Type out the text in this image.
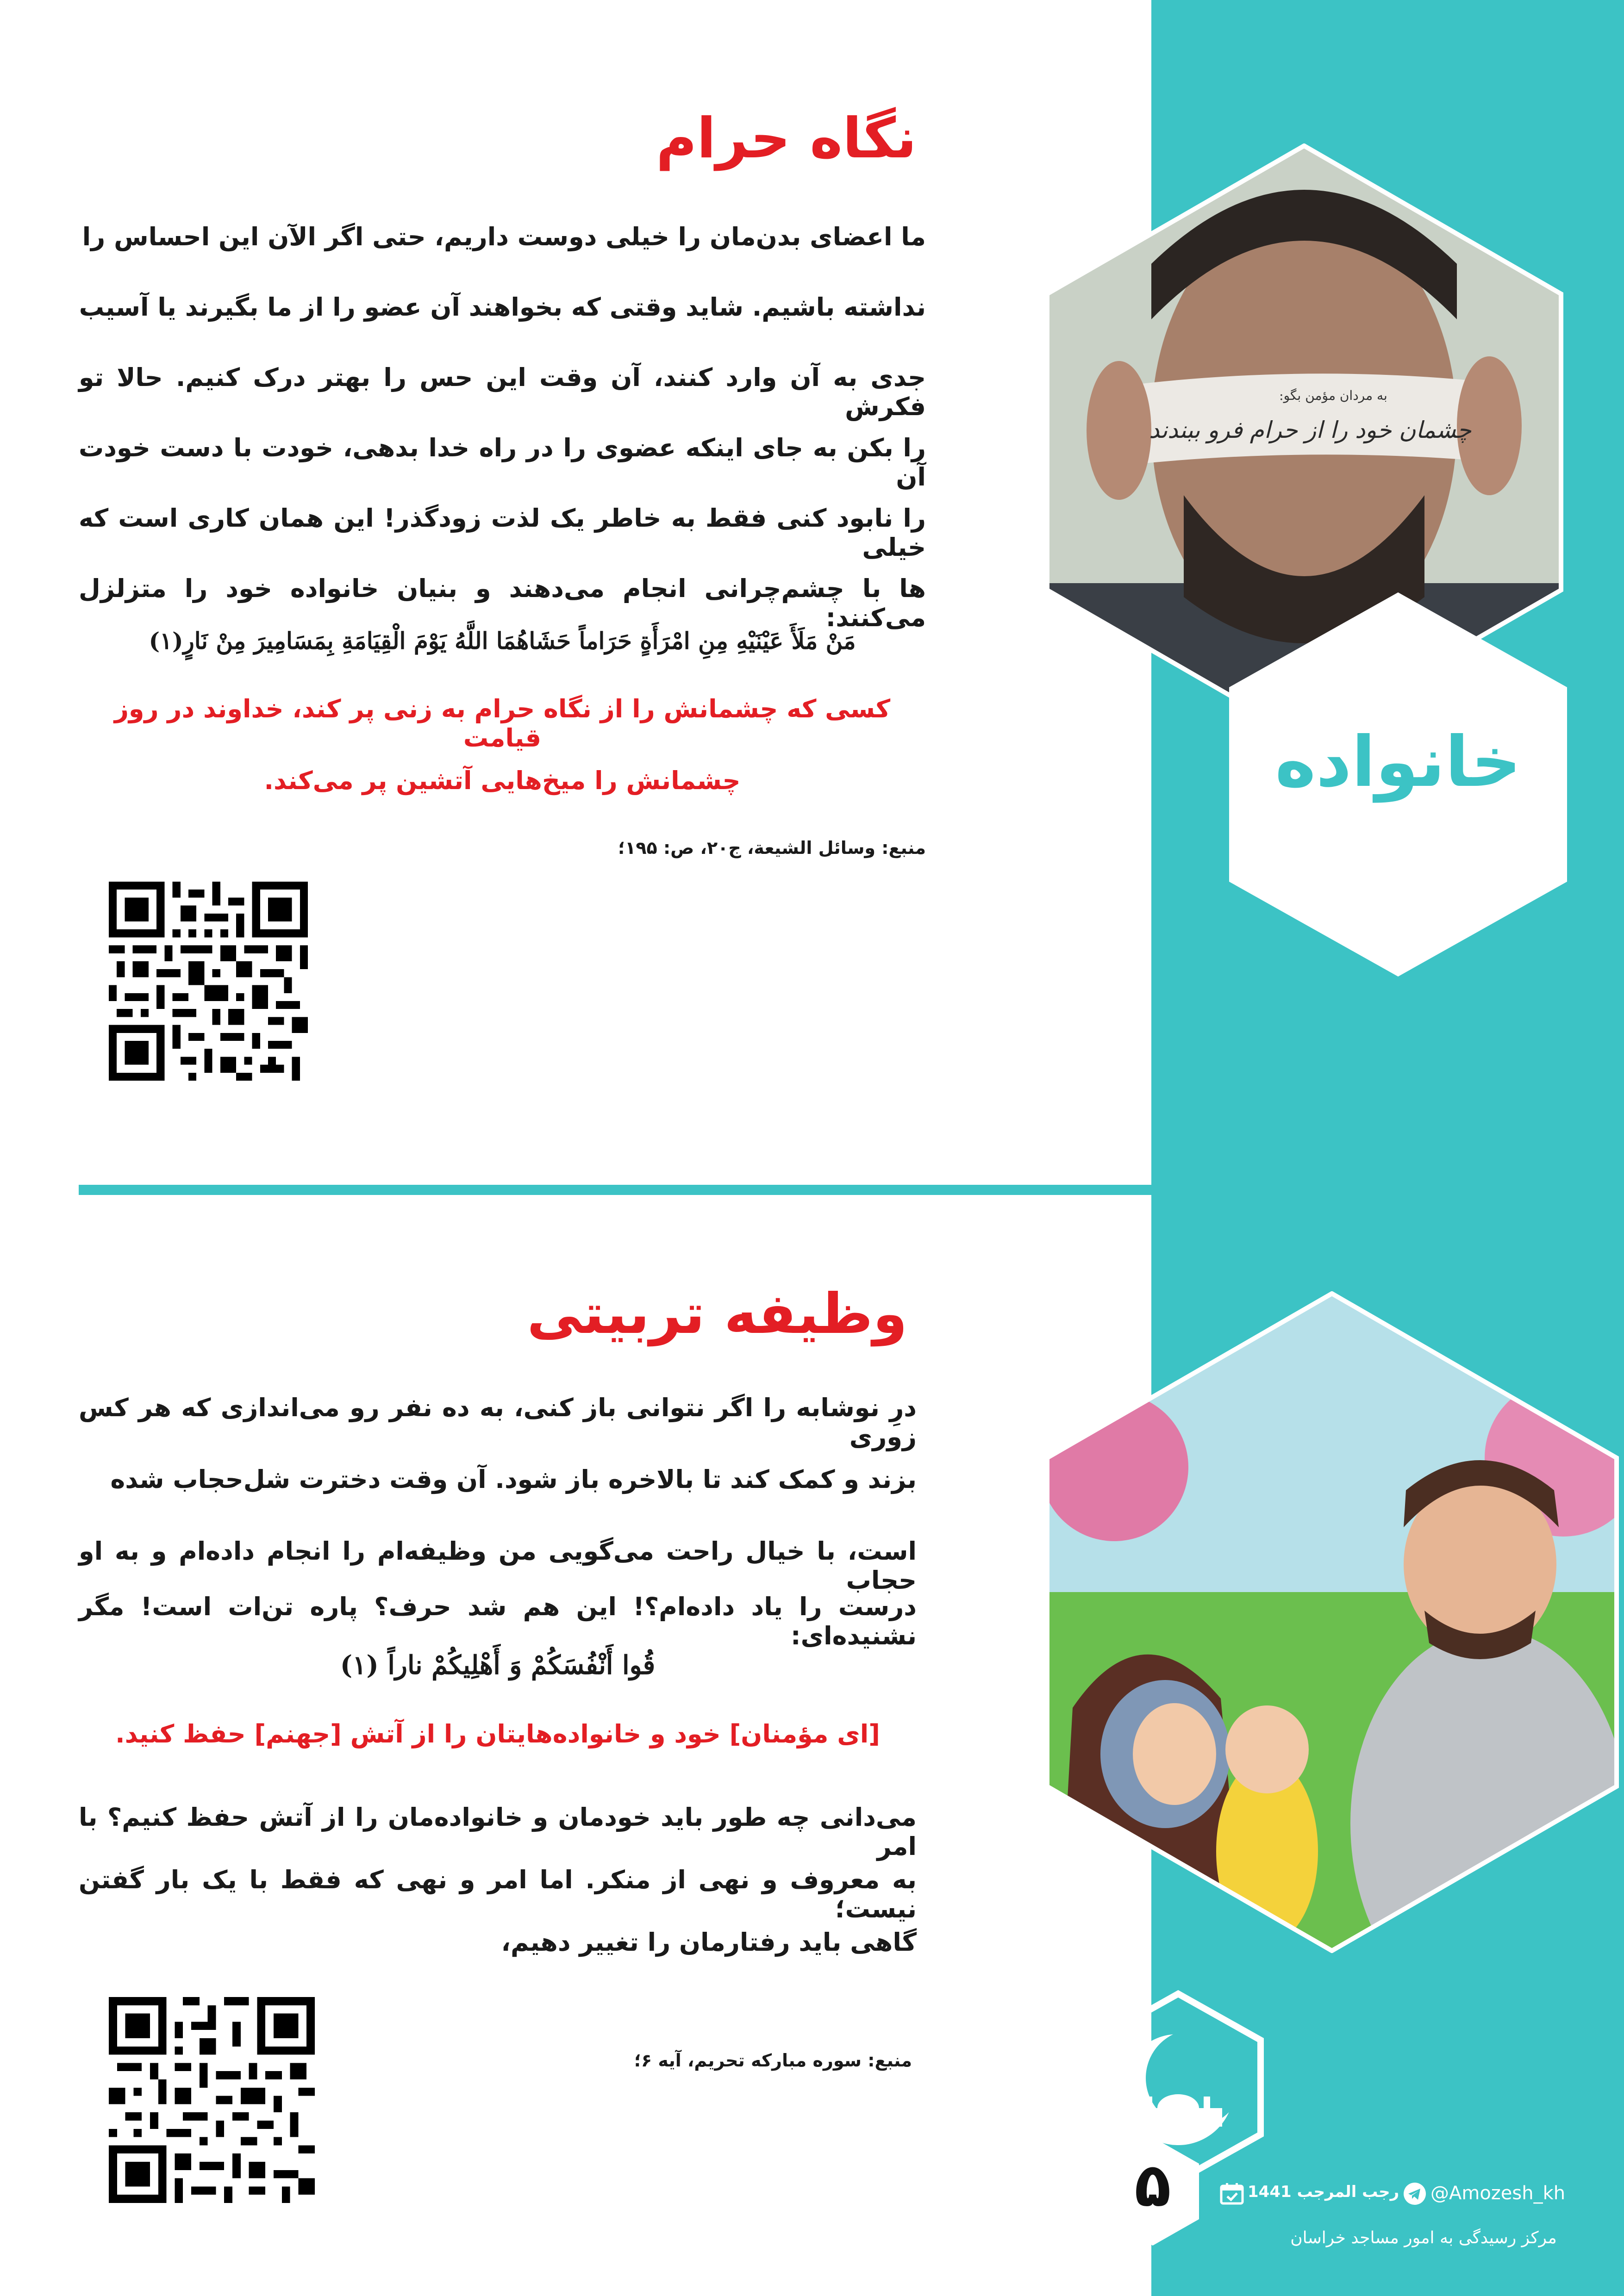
به مردان مؤمن بگو:
چشمان خود را از حرام فرو ببندند
خانواده
نگاه حرام
ما اعضای بدن‌مان را خیلی دوست داریم، حتی اگر الآن این احساس را
نداشته باشیم. شاید وقتی که بخواهند آن عضو را از ما بگیرند یا آسیب
جدی به آن وارد کنند، آن وقت این حس را بهتر درک کنیم. حالا تو فکرش
را بکن به جای اینکه عضوی را در راه خدا بدهی، خودت با دست خودت آن
را نابود کنی فقط به خاطر یک لذت زودگذر! این همان کاری است که خیلی
ها با چشم‌چرانی انجام می‌دهند و بنیان خانواده خود را متزلزل می‌کنند:
مَنْ مَلَأَ عَیْنَیْهِ مِنِ امْرَأَةٍ حَرَاماً حَشَاهُمَا اللَّهُ یَوْمَ الْقِیَامَةِ بِمَسَامِیرَ مِنْ نَارٍ(۱)
کسی که چشمانش را از نگاه حرام به زنی پر کند، خداوند در روز قیامت
چشمانش را میخ‌هایی آتشین پر می‌کند.
منبع: وسائل الشیعة، ج۲۰، ص: ۱۹۵؛
وظیفه تربیتی
درِ نوشابه را اگر نتوانی باز کنی، به ده نفر رو می‌اندازی که هر کس زوری
بزند و کمک کند تا بالاخره باز شود. آن وقت دخترت شل‌حجاب شده
است، با خیال راحت می‌گویی من وظیفه‌ام را انجام داده‌ام و به او حجاب
درست را یاد داده‌ام؟! این هم شد حرف؟ پاره تن‌ات است! مگر نشنیده‌ای:
قُوا أَنْفُسَكُمْ وَ أَهْلِیكُمْ ناراً (۱)
[ای مؤمنان] خود و خانواده‌هایتان را از آتش [جهنم] حفظ کنید.
می‌دانی چه طور باید خودمان و خانواده‌مان را از آتش حفظ کنیم؟ با امر
به معروف و نهی از منکر. اما امر و نهی که فقط با یک بار گفتن نیست؛
گاهی باید رفتارمان را تغییر دهیم،
منبع: سوره مبارکه تحریم، آیه ۶؛
۵	رجب المرجب 1441 @Amozesh_kh
مرکز رسیدگی به امور مساجد خراسان
